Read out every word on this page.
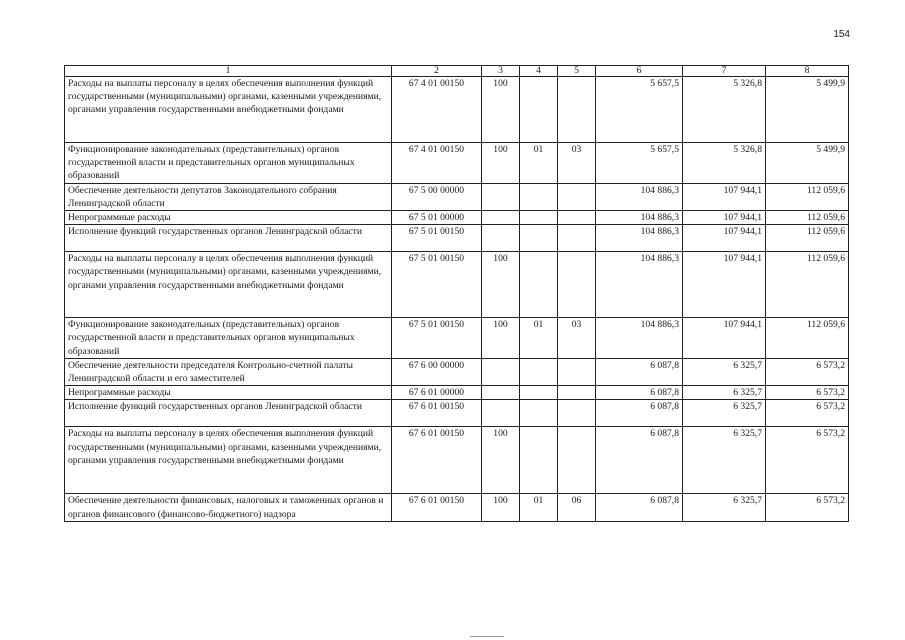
154
1	2	3	4	5	6	7	8
Расходы на выплаты персоналу в целях обеспечения выполнения функций государственными (муниципальными) органами, казенными учреждениями, органами управления государственными внебюджетными фондами	67 4 01 00150	100			5 657,5	5 326,8	5 499,9
Функционирование законодательных (представительных) органов государственной власти и представительных органов муниципальных образований	67 4 01 00150	100	01	03	5 657,5	5 326,8	5 499,9
Обеспечение деятельности депутатов Законодательного собрания Ленинградской области	67 5 00 00000				104 886,3	107 944,1	112 059,6
Непрограммные расходы	67 5 01 00000				104 886,3	107 944,1	112 059,6
Исполнение функций государственных органов Ленинградской области	67 5 01 00150				104 886,3	107 944,1	112 059,6
Расходы на выплаты персоналу в целях обеспечения выполнения функций государственными (муниципальными) органами, казенными учреждениями, органами управления государственными внебюджетными фондами	67 5 01 00150	100			104 886,3	107 944,1	112 059,6
Функционирование законодательных (представительных) органов государственной власти и представительных органов муниципальных образований	67 5 01 00150	100	01	03	104 886,3	107 944,1	112 059,6
Обеспечение деятельности председателя Контрольно-счетной палаты Ленинградской области и его заместителей	67 6 00 00000				6 087,8	6 325,7	6 573,2
Непрограммные расходы	67 6 01 00000				6 087,8	6 325,7	6 573,2
Исполнение функций государственных органов Ленинградской области	67 6 01 00150				6 087,8	6 325,7	6 573,2
Расходы на выплаты персоналу в целях обеспечения выполнения функций государственными (муниципальными) органами, казенными учреждениями, органами управления государственными внебюджетными фондами	67 6 01 00150	100			6 087,8	6 325,7	6 573,2
Обеспечение деятельности финансовых, налоговых и таможенных органов и органов финансового (финансово-бюджетного) надзора	67 6 01 00150	100	01	06	6 087,8	6 325,7	6 573,2
